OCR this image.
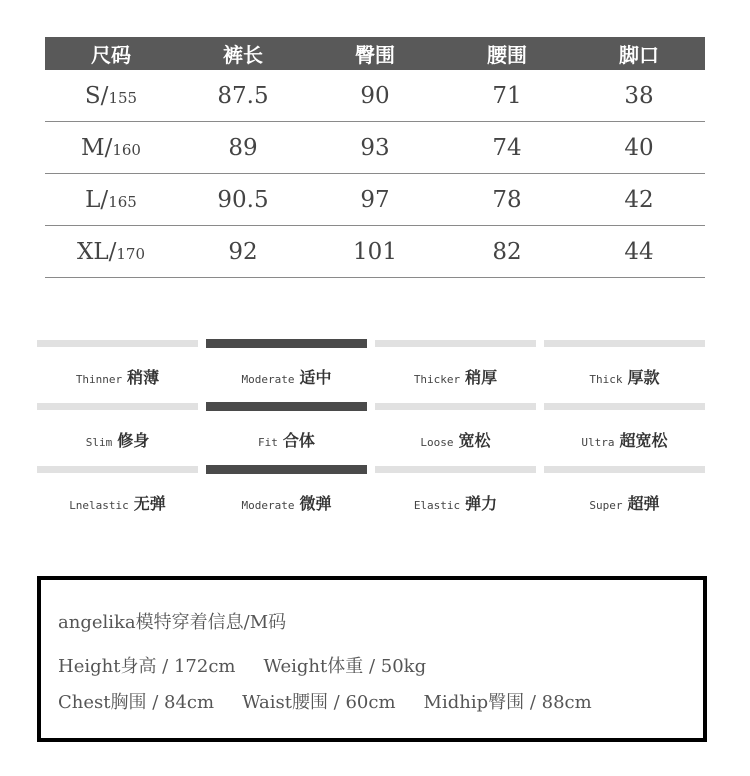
尺码	裤长	臀围	腰围	脚口
S/155	87.5	90	71	38
M/160	89	93	74	40
L/165	90.5	97	78	42
XL/170	92	101	82	44
Thinner 稍薄	Moderate 适中	Thicker 稍厚	Thick 厚款
Slim 修身	Fit 合体	Loose 宽松	Ultra 超宽松
Lnelastic 无弹	Moderate 微弹	Elastic 弹力	Super 超弹
angelika模特穿着信息/M码
Height身高 / 172cm Weight体重 / 50kg
Chest胸围 / 84cm Waist腰围 / 60cm Midhip臀围 / 88cm
